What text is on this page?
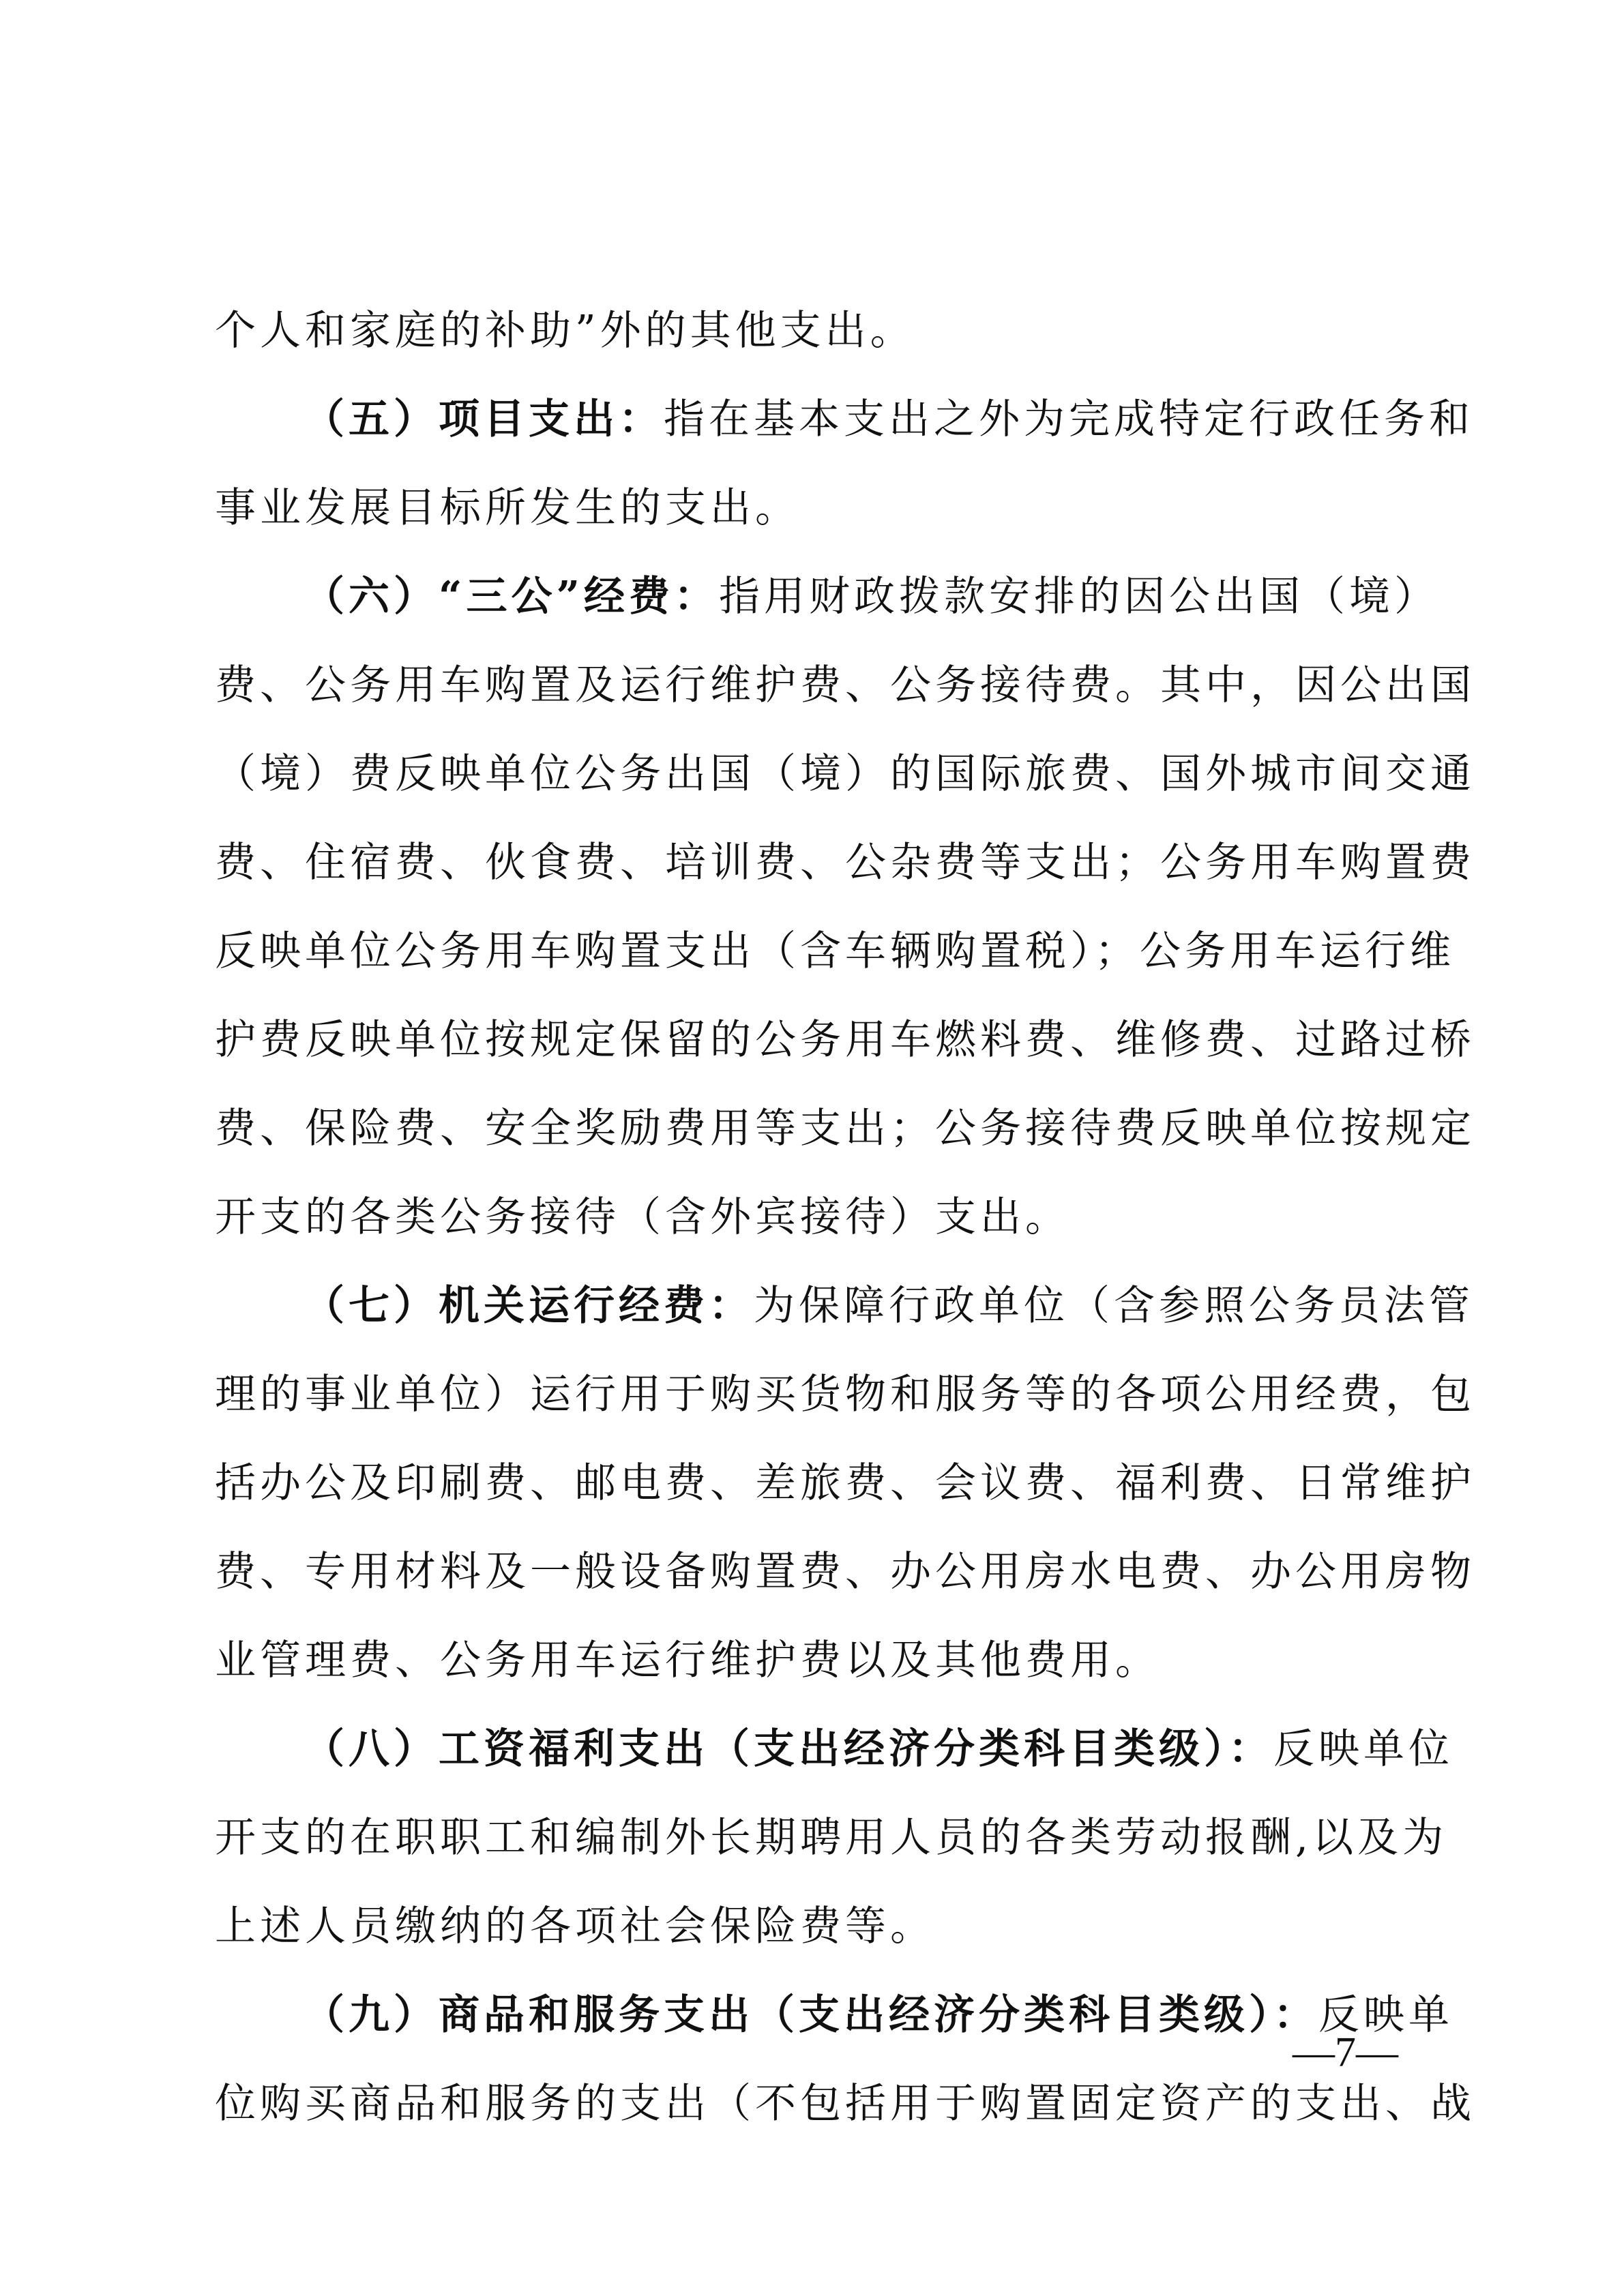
个人和家庭的补助”外的其他支出。
（五）项目支出：指在基本支出之外为完成特定行政任务和
事业发展目标所发生的支出。
（六）“三公”经费：指用财政拨款安排的因公出国（境）
费、公务用车购置及运行维护费、公务接待费。其中，因公出国
（境）费反映单位公务出国（境）的国际旅费、国外城市间交通
费、住宿费、伙食费、培训费、公杂费等支出；公务用车购置费
反映单位公务用车购置支出（含车辆购置税）；公务用车运行维
护费反映单位按规定保留的公务用车燃料费、维修费、过路过桥
费、保险费、安全奖励费用等支出；公务接待费反映单位按规定
开支的各类公务接待（含外宾接待）支出。
（七）机关运行经费：为保障行政单位（含参照公务员法管
理的事业单位）运行用于购买货物和服务等的各项公用经费，包
括办公及印刷费、邮电费、差旅费、会议费、福利费、日常维护
费、专用材料及一般设备购置费、办公用房水电费、办公用房物
业管理费、公务用车运行维护费以及其他费用。
（八）工资福利支出（支出经济分类科目类级）：反映单位
开支的在职职工和编制外长期聘用人员的各类劳动报酬,以及为
上述人员缴纳的各项社会保险费等。
（九）商品和服务支出（支出经济分类科目类级）：反映单
位购买商品和服务的支出（不包括用于购置固定资产的支出、战
—7—
